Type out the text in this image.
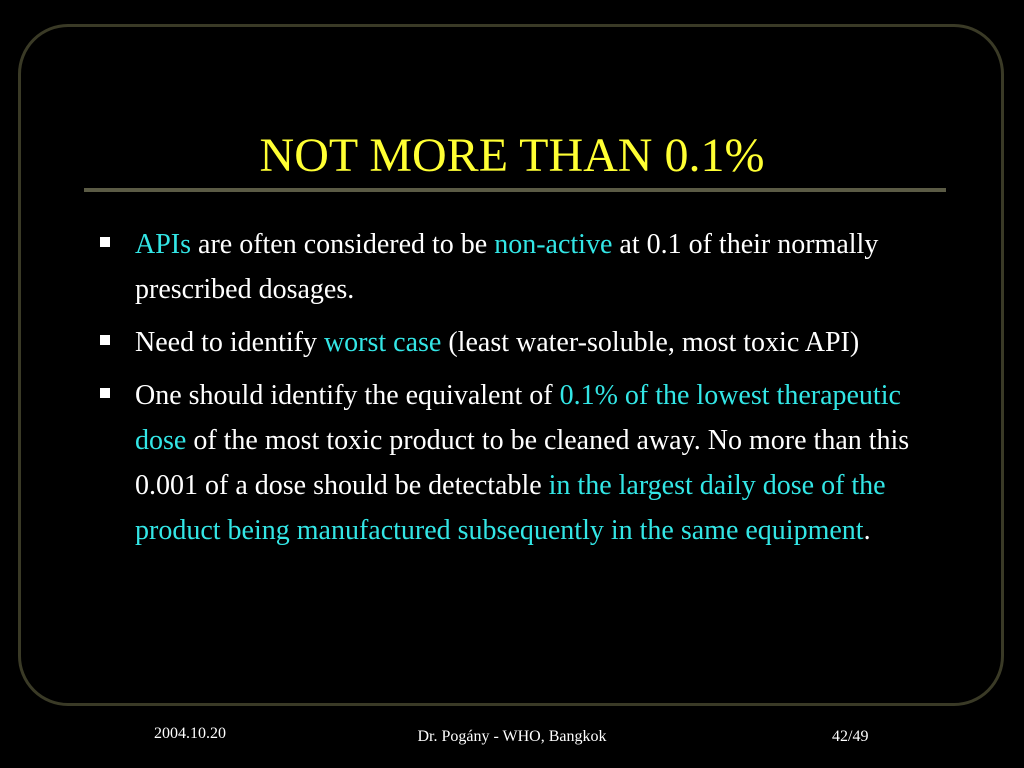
NOT MORE THAN 0.1%
APIs are often considered to be non-active at 0.1 of their normally prescribed dosages.
Need to identify worst case (least water-soluble, most toxic API)
One should identify the equivalent of 0.1% of the lowest therapeutic dose of the most toxic product to be cleaned away. No more than this 0.001 of a dose should be detectable in the largest daily dose of the product being manufactured subsequently in the same equipment.
2004.10.20	Dr. Pogány - WHO, Bangkok	42/49
